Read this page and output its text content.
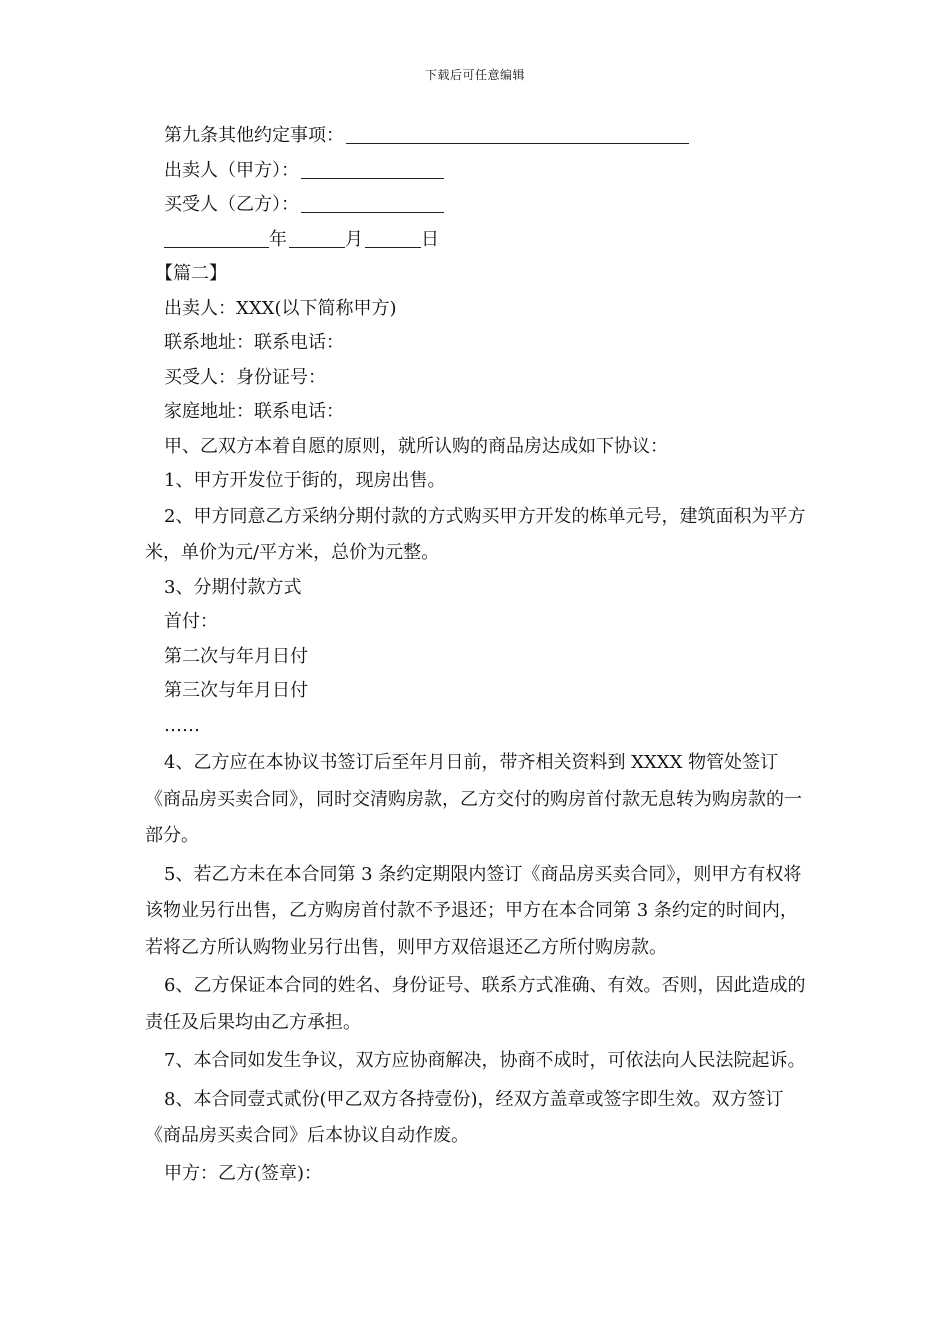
下载后可任意编辑
第九条其他约定事项：
出卖人（甲方）：
买受人（乙方）：
年	月	日
【篇二】
出卖人：XXX(以下简称甲方)
联系地址：联系电话：
买受人：身份证号：
家庭地址：联系电话：
甲、乙双方本着自愿的原则，就所认购的商品房达成如下协议：
1、甲方开发位于街的，现房出售。

2、甲方同意乙方采纳分期付款的方式购买甲方开发的栋单元号，建筑面积为平方米，单价为元/平方米，总价为元整。

3、分期付款方式
首付：
第二次与年月日付
第三次与年月日付
……

4、乙方应在本协议书签订后至年月日前，带齐相关资料到 XXXX 物管处签订《商品房买卖合同》，同时交清购房款，乙方交付的购房首付款无息转为购房款的一部分。

5、若乙方未在本合同第 3 条约定期限内签订《商品房买卖合同》，则甲方有权将该物业另行出售，乙方购房首付款不予退还；甲方在本合同第 3 条约定的时间内，若将乙方所认购物业另行出售，则甲方双倍退还乙方所付购房款。

6、乙方保证本合同的姓名、身份证号、联系方式准确、有效。否则，因此造成的责任及后果均由乙方承担。

7、本合同如发生争议，双方应协商解决，协商不成时，可依法向人民法院起诉。

8、本合同壹式贰份(甲乙双方各持壹份)，经双方盖章或签字即生效。双方签订《商品房买卖合同》后本协议自动作废。

甲方：乙方(签章)：
